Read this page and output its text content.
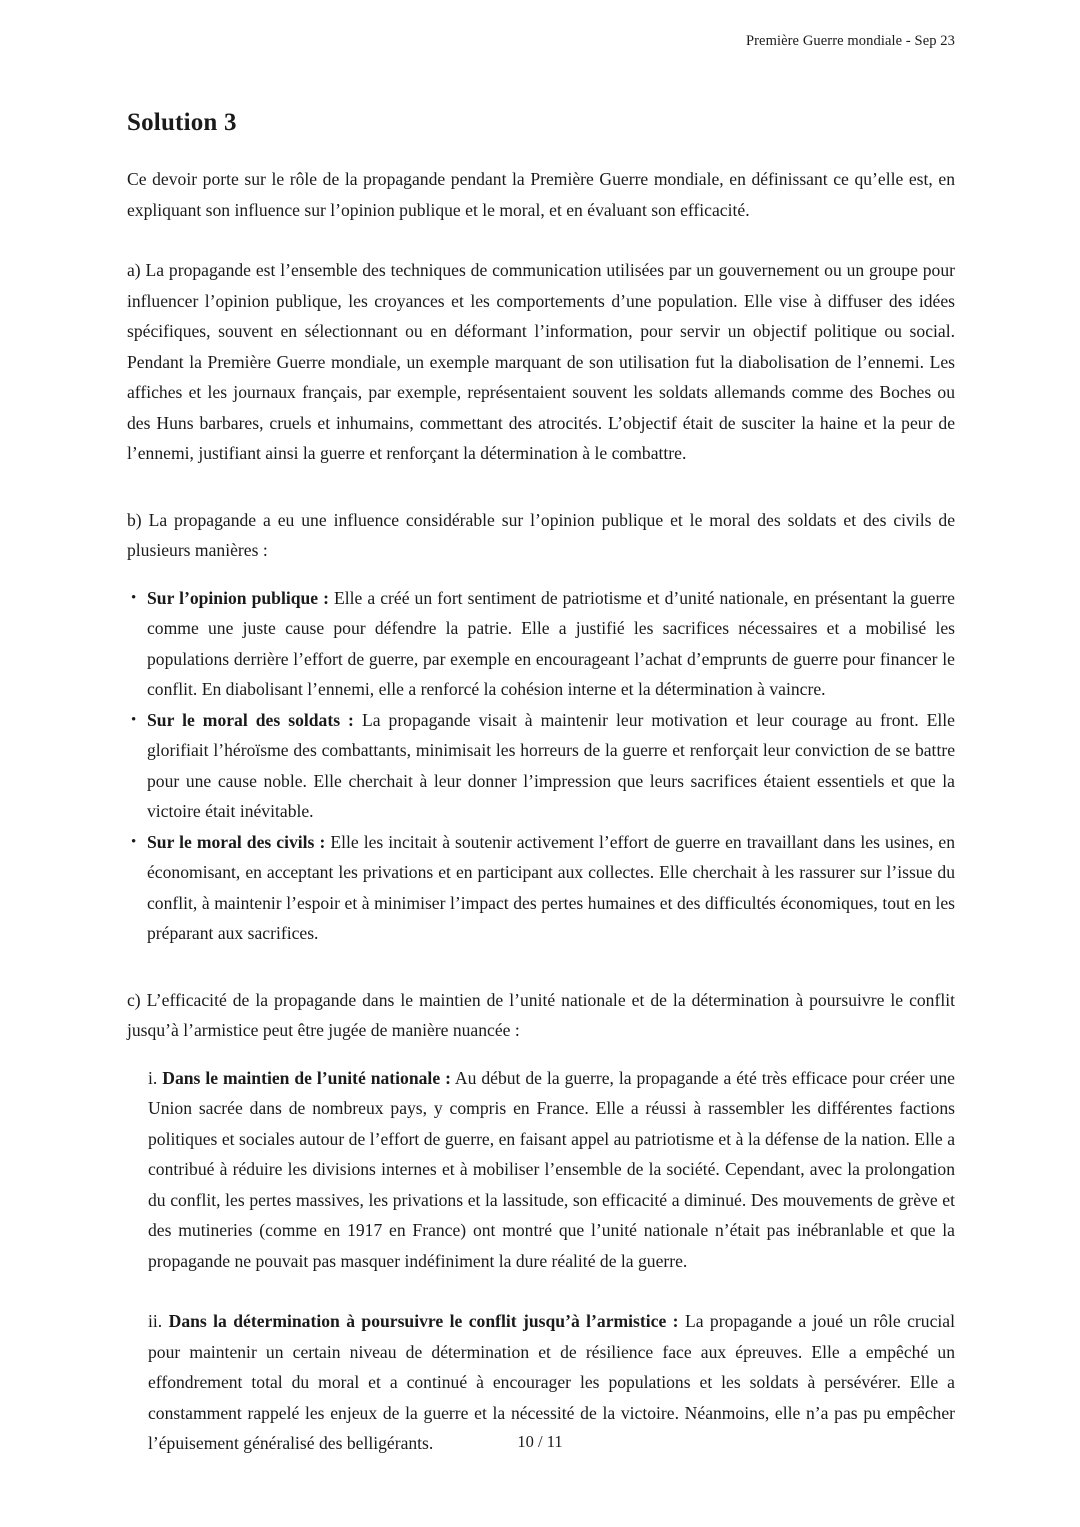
Première Guerre mondiale - Sep 23
Solution 3

Ce devoir porte sur le rôle de la propagande pendant la Première Guerre mondiale, en définissant ce qu’elle est, en expliquant son influence sur l’opinion publique et le moral, et en évaluant son efficacité.

a) La propagande est l’ensemble des techniques de communication utilisées par un gouvernement ou un groupe pour influencer l’opinion publique, les croyances et les comportements d’une population. Elle vise à diffuser des idées spécifiques, souvent en sélectionnant ou en déformant l’information, pour servir un objectif politique ou social. Pendant la Première Guerre mondiale, un exemple marquant de son utilisation fut la diabolisation de l’ennemi. Les affiches et les journaux français, par exemple, représentaient souvent les soldats allemands comme des Boches ou des Huns barbares, cruels et inhumains, commettant des atrocités. L’objectif était de susciter la haine et la peur de l’ennemi, justifiant ainsi la guerre et renforçant la détermination à le combattre.

b) La propagande a eu une influence considérable sur l’opinion publique et le moral des soldats et des civils de plusieurs manières :

• Sur l’opinion publique : Elle a créé un fort sentiment de patriotisme et d’unité nationale, en présentant la guerre comme une juste cause pour défendre la patrie. Elle a justifié les sacrifices nécessaires et a mobilisé les populations derrière l’effort de guerre, par exemple en encourageant l’achat d’emprunts de guerre pour financer le conflit. En diabolisant l’ennemi, elle a renforcé la cohésion interne et la détermination à vaincre.
• Sur le moral des soldats : La propagande visait à maintenir leur motivation et leur courage au front. Elle glorifiait l’héroïsme des combattants, minimisait les horreurs de la guerre et renforçait leur conviction de se battre pour une cause noble. Elle cherchait à leur donner l’impression que leurs sacrifices étaient essentiels et que la victoire était inévitable.
• Sur le moral des civils : Elle les incitait à soutenir activement l’effort de guerre en travaillant dans les usines, en économisant, en acceptant les privations et en participant aux collectes. Elle cherchait à les rassurer sur l’issue du conflit, à maintenir l’espoir et à minimiser l’impact des pertes humaines et des difficultés économiques, tout en les préparant aux sacrifices.

c) L’efficacité de la propagande dans le maintien de l’unité nationale et de la détermination à poursuivre le conflit jusqu’à l’armistice peut être jugée de manière nuancée :

i. Dans le maintien de l’unité nationale : Au début de la guerre, la propagande a été très efficace pour créer une Union sacrée dans de nombreux pays, y compris en France. Elle a réussi à rassembler les différentes factions politiques et sociales autour de l’effort de guerre, en faisant appel au patriotisme et à la défense de la nation. Elle a contribué à réduire les divisions internes et à mobiliser l’ensemble de la société. Cependant, avec la prolongation du conflit, les pertes massives, les privations et la lassitude, son efficacité a diminué. Des mouvements de grève et des mutineries (comme en 1917 en France) ont montré que l’unité nationale n’était pas inébranlable et que la propagande ne pouvait pas masquer indéfiniment la dure réalité de la guerre.
ii. Dans la détermination à poursuivre le conflit jusqu’à l’armistice : La propagande a joué un rôle crucial pour maintenir un certain niveau de détermination et de résilience face aux épreuves. Elle a empêché un effondrement total du moral et a continué à encourager les populations et les soldats à persévérer. Elle a constamment rappelé les enjeux de la guerre et la nécessité de la victoire. Néanmoins, elle n’a pas pu empêcher l’épuisement généralisé des belligérants.	10 / 11
